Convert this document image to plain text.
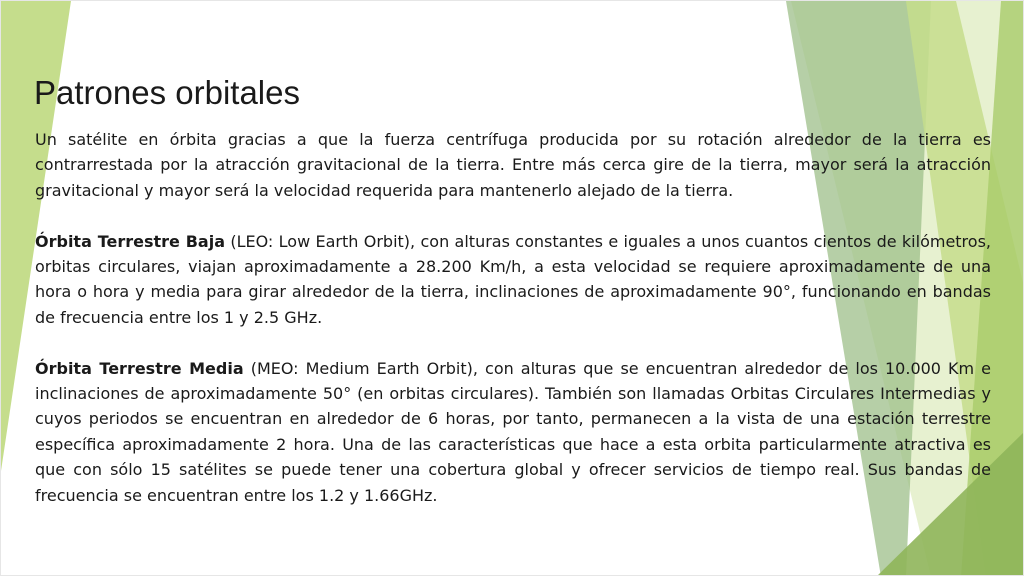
Patrones orbitales

Un satélite en órbita gracias a que la fuerza centrífuga producida por su rotación alrededor de la tierra es contrarrestada por la atracción gravitacional de la tierra. Entre más cerca gire de la tierra, mayor será la atracción gravitacional y mayor será la velocidad requerida para mantenerlo alejado de la tierra.

Órbita Terrestre Baja (LEO: Low Earth Orbit), con alturas constantes e iguales a unos cuantos cientos de kilómetros, orbitas circulares, viajan aproximadamente a 28.200 Km/h, a esta velocidad se requiere aproximadamente de una hora o hora y media para girar alrededor de la tierra, inclinaciones de aproximadamente 90°, funcionando en bandas de frecuencia entre los 1 y 2.5 GHz.

Órbita Terrestre Media (MEO: Medium Earth Orbit), con alturas que se encuentran alrededor de los 10.000 Km e inclinaciones de aproximadamente 50° (en orbitas circulares). También son llamadas Orbitas Circulares Intermedias y cuyos periodos se encuentran en alrededor de 6 horas, por tanto, permanecen a la vista de una estación terrestre específica aproximadamente 2 hora. Una de las características que hace a esta orbita particularmente atractiva es que con sólo 15 satélites se puede tener una cobertura global y ofrecer servicios de tiempo real. Sus bandas de frecuencia se encuentran entre los 1.2 y 1.66GHz.
